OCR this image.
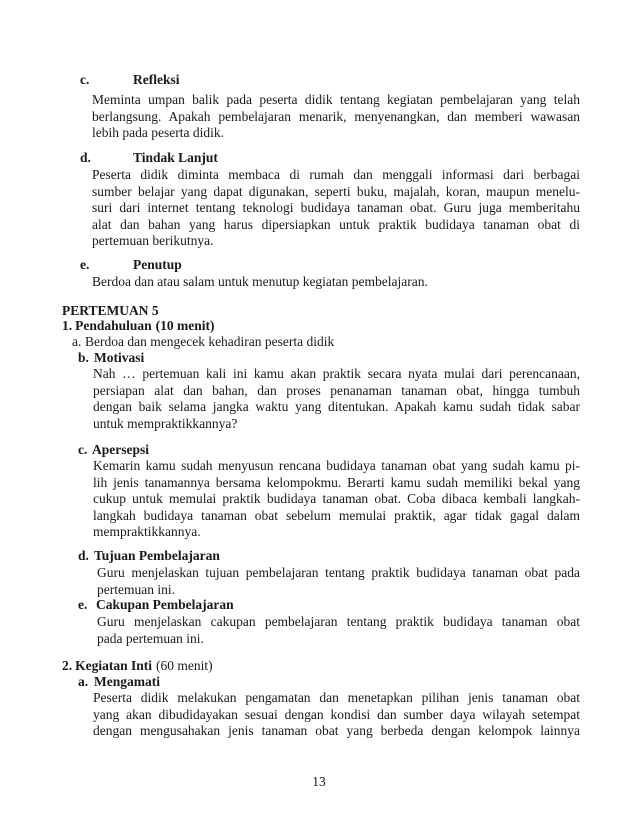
c.	Refleksi
Meminta umpan balik pada peserta didik tentang kegiatan pembelajaran yang telah
berlangsung. Apakah pembelajaran menarik, menyenangkan, dan memberi wawasan
lebih pada peserta didik.
d.	Tindak Lanjut
Peserta didik diminta membaca di rumah dan menggali informasi dari berbagai
sumber belajar yang dapat digunakan, seperti buku, majalah, koran, maupun menelu-
suri dari internet tentang teknologi budidaya tanaman obat. Guru juga memberitahu
alat dan bahan yang harus dipersiapkan untuk praktik budidaya tanaman obat di
pertemuan berikutnya.
e.	Penutup
Berdoa dan atau salam untuk menutup kegiatan pembelajaran.
PERTEMUAN 5
1. Pendahuluan (10 menit)
a. Berdoa dan mengecek kehadiran peserta didik
b. Motivasi
Nah … pertemuan kali ini kamu akan praktik secara nyata mulai dari perencanaan,
persiapan alat dan bahan, dan proses penanaman tanaman obat, hingga tumbuh
dengan baik selama jangka waktu yang ditentukan. Apakah kamu sudah tidak sabar
untuk mempraktikkannya?
c. Apersepsi
Kemarin kamu sudah menyusun rencana budidaya tanaman obat yang sudah kamu pi-
lih jenis tanamannya bersama kelompokmu. Berarti kamu sudah memiliki bekal yang
cukup untuk memulai praktik budidaya tanaman obat. Coba dibaca kembali langkah-
langkah budidaya tanaman obat sebelum memulai praktik, agar tidak gagal dalam
mempraktikkannya.
d. Tujuan Pembelajaran
Guru menjelaskan tujuan pembelajaran tentang praktik budidaya tanaman obat pada
pertemuan ini.
e. Cakupan Pembelajaran
Guru menjelaskan cakupan pembelajaran tentang praktik budidaya tanaman obat
pada pertemuan ini.
2. Kegiatan Inti (60 menit)
a. Mengamati
Peserta didik melakukan pengamatan dan menetapkan pilihan jenis tanaman obat
yang akan dibudidayakan sesuai dengan kondisi dan sumber daya wilayah setempat
dengan mengusahakan jenis tanaman obat yang berbeda dengan kelompok lainnya
13
